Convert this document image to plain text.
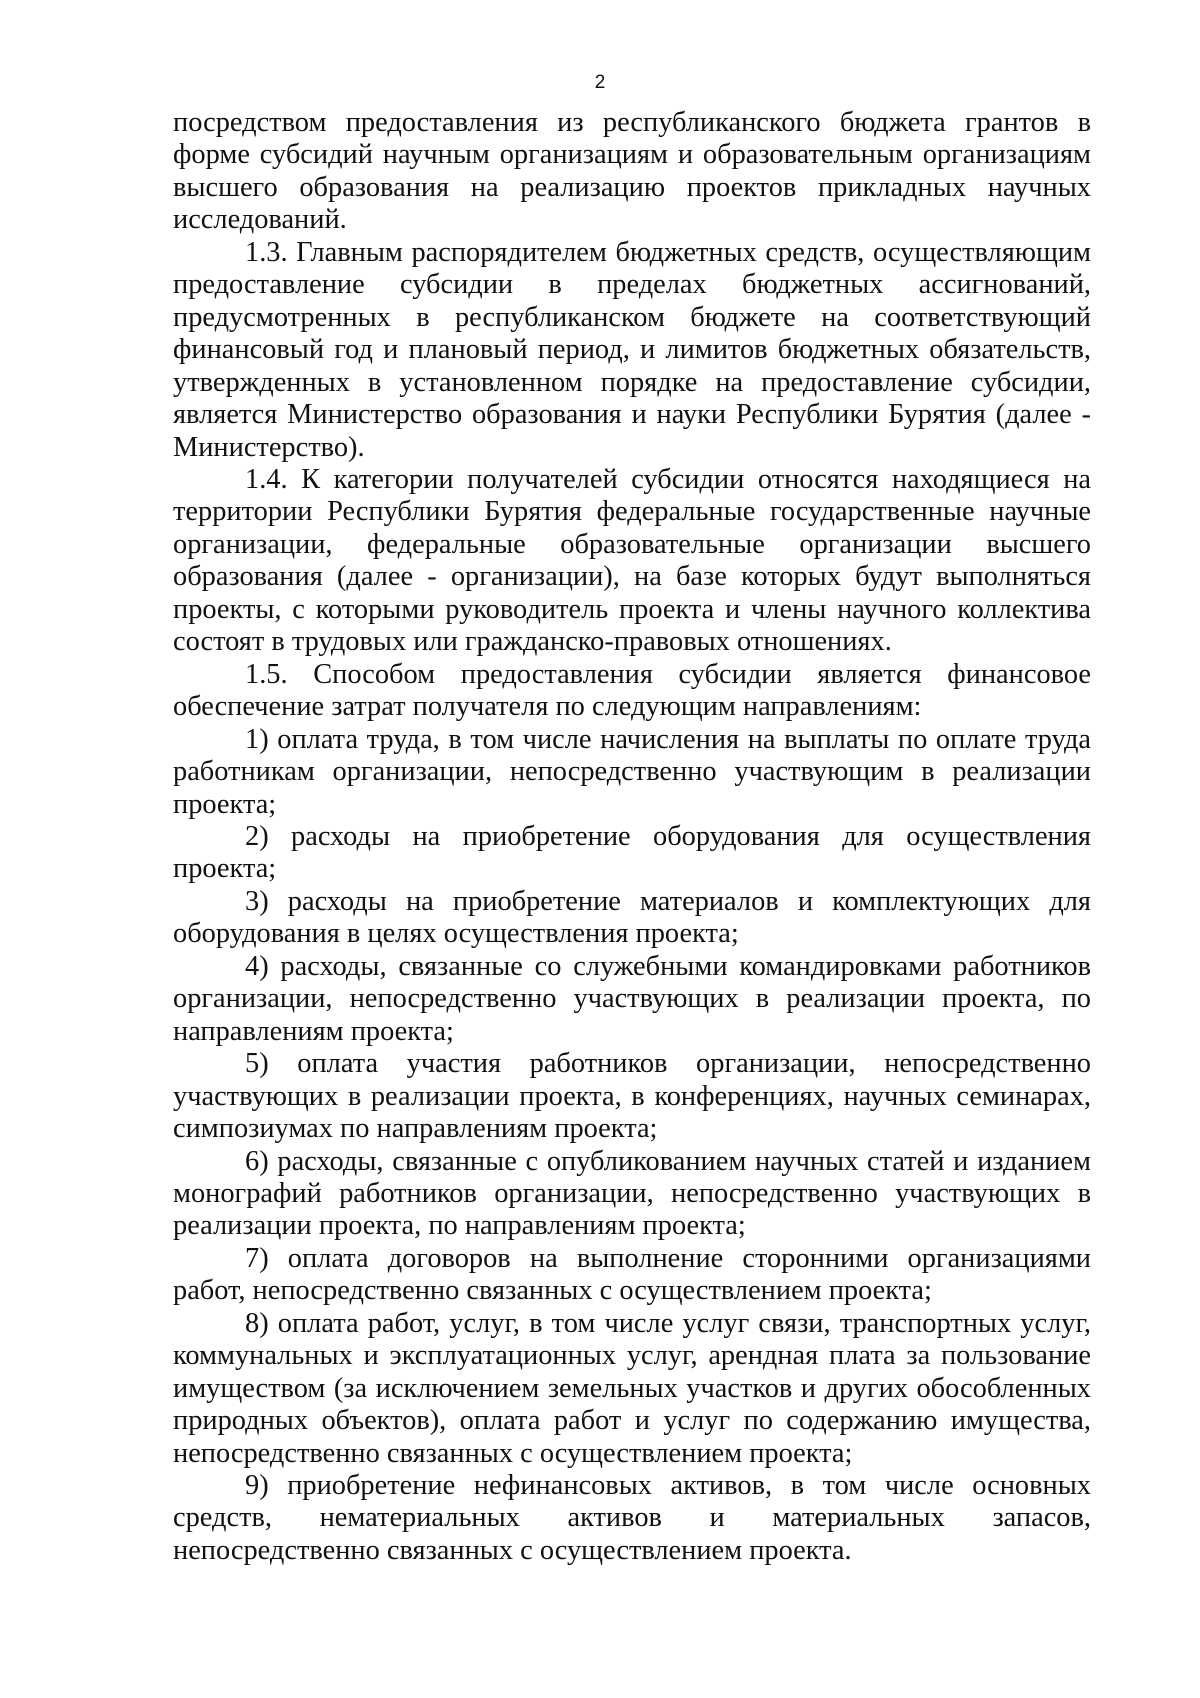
2

посредством предоставления из республиканского бюджета грантов в форме субсидий научным организациям и образовательным организациям высшего образования на реализацию проектов прикладных научных исследований.

1.3. Главным распорядителем бюджетных средств, осуществляющим предоставление субсидии в пределах бюджетных ассигнований, предусмотренных в республиканском бюджете на соответствующий финансовый год и плановый период, и лимитов бюджетных обязательств, утвержденных в установленном порядке на предоставление субсидии, является Министерство образования и науки Республики Бурятия (далее - Министерство).

1.4. К категории получателей субсидии относятся находящиеся на территории Республики Бурятия федеральные государственные научные организации, федеральные образовательные организации высшего образования (далее - организации), на базе которых будут выполняться проекты, с которыми руководитель проекта и члены научного коллектива состоят в трудовых или гражданско-правовых отношениях.

1.5. Способом предоставления субсидии является финансовое обеспечение затрат получателя по следующим направлениям:

1) оплата труда, в том числе начисления на выплаты по оплате труда работникам организации, непосредственно участвующим в реализации проекта;

2) расходы на приобретение оборудования для осуществления проекта;

3) расходы на приобретение материалов и комплектующих для оборудования в целях осуществления проекта;

4) расходы, связанные со служебными командировками работников организации, непосредственно участвующих в реализации проекта, по направлениям проекта;

5) оплата участия работников организации, непосредственно участвующих в реализации проекта, в конференциях, научных семинарах, симпозиумах по направлениям проекта;

6) расходы, связанные с опубликованием научных статей и изданием монографий работников организации, непосредственно участвующих в реализации проекта, по направлениям проекта;

7) оплата договоров на выполнение сторонними организациями работ, непосредственно связанных с осуществлением проекта;

8) оплата работ, услуг, в том числе услуг связи, транспортных услуг, коммунальных и эксплуатационных услуг, арендная плата за пользование имуществом (за исключением земельных участков и других обособленных природных объектов), оплата работ и услуг по содержанию имущества, непосредственно связанных с осуществлением проекта;

9) приобретение нефинансовых активов, в том числе основных средств, нематериальных активов и материальных запасов, непосредственно связанных с осуществлением проекта.
